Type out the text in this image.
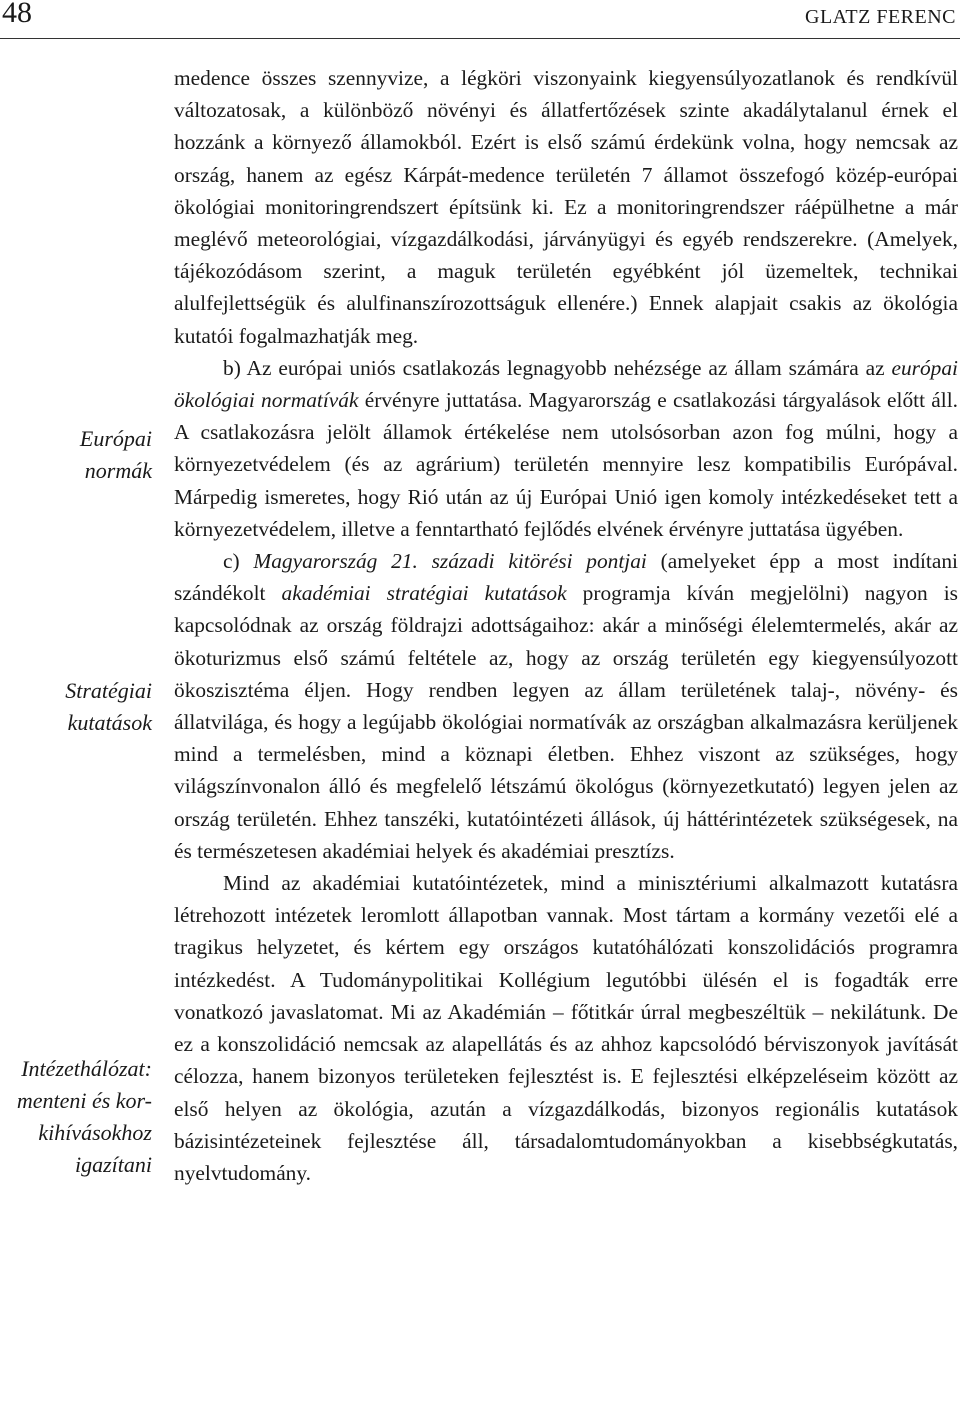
48	GLATZ FERENC
Európai
normák
Stratégiai
kutatások
Intézethálózat:
menteni és kor-
kihívásokhoz
igazítani

medence összes szennyvize, a légköri viszonyaink kiegyensúlyozatlanok és rendkívül változatosak, a különböző növényi és állatfertőzések szinte akadálytalanul érnek el hozzánk a környező államokból. Ezért is első számú érdekünk volna, hogy nemcsak az ország, hanem az egész Kárpát-medence területén 7 államot összefogó közép-európai ökológiai monitoringrendszert építsünk ki. Ez a monitoringrendszer ráépülhetne a már meglévő meteorológiai, vízgazdálkodási, járványügyi és egyéb rendszerekre. (Amelyek, tájékozódásom szerint, a maguk területén egyébként jól üzemeltek, technikai alulfejlettségük és alulfinanszírozottságuk ellenére.) Ennek alapjait csakis az ökológia kutatói fogalmazhatják meg.

b) Az európai uniós csatlakozás legnagyobb nehézsége az állam számára az európai ökológiai normatívák érvényre juttatása. Magyarország e csatlakozási tárgyalások előtt áll. A csatlakozásra jelölt államok értékelése nem utolsósorban azon fog múlni, hogy a környezetvédelem (és az agrárium) területén mennyire lesz kompatibilis Európával. Márpedig ismeretes, hogy Rió után az új Európai Unió igen komoly intézkedéseket tett a környezetvédelem, illetve a fenntartható fejlődés elvének érvényre juttatása ügyében.

c) Magyarország 21. századi kitörési pontjai (amelyeket épp a most indítani szándékolt akadémiai stratégiai kutatások programja kíván megjelölni) nagyon is kapcsolódnak az ország földrajzi adottságaihoz: akár a minőségi élelemtermelés, akár az ökoturizmus első számú feltétele az, hogy az ország területén egy kiegyensúlyozott ökoszisztéma éljen. Hogy rendben legyen az állam területének talaj-, növény- és állatvilága, és hogy a legújabb ökológiai normatívák az országban alkalmazásra kerüljenek mind a termelésben, mind a köznapi életben. Ehhez viszont az szükséges, hogy világszínvonalon álló és megfelelő létszámú ökológus (környezetkutató) legyen jelen az ország területén. Ehhez tanszéki, kutatóintézeti állások, új háttérintézetek szükségesek, na és természetesen akadémiai helyek és akadémiai presztízs.

Mind az akadémiai kutatóintézetek, mind a minisztériumi alkalmazott kutatásra létrehozott intézetek leromlott állapotban vannak. Most tártam a kormány vezetői elé a tragikus helyzetet, és kértem egy országos kutatóhálózati konszolidációs programra intézkedést. A Tudománypolitikai Kollégium legutóbbi ülésén el is fogadták erre vonatkozó javaslatomat. Mi az Akadémián – főtitkár úrral megbeszéltük – nekilátunk. De ez a konszolidáció nemcsak az alapellátás és az ahhoz kapcsolódó bérviszonyok javítását célozza, hanem bizonyos területeken fejlesztést is. E fejlesztési elképzeléseim között az első helyen az ökológia, azután a vízgazdálkodás, bizonyos regionális kutatások bázisintézeteinek fejlesztése áll, társadalomtudományokban a kisebbségkutatás, nyelvtudomány.
